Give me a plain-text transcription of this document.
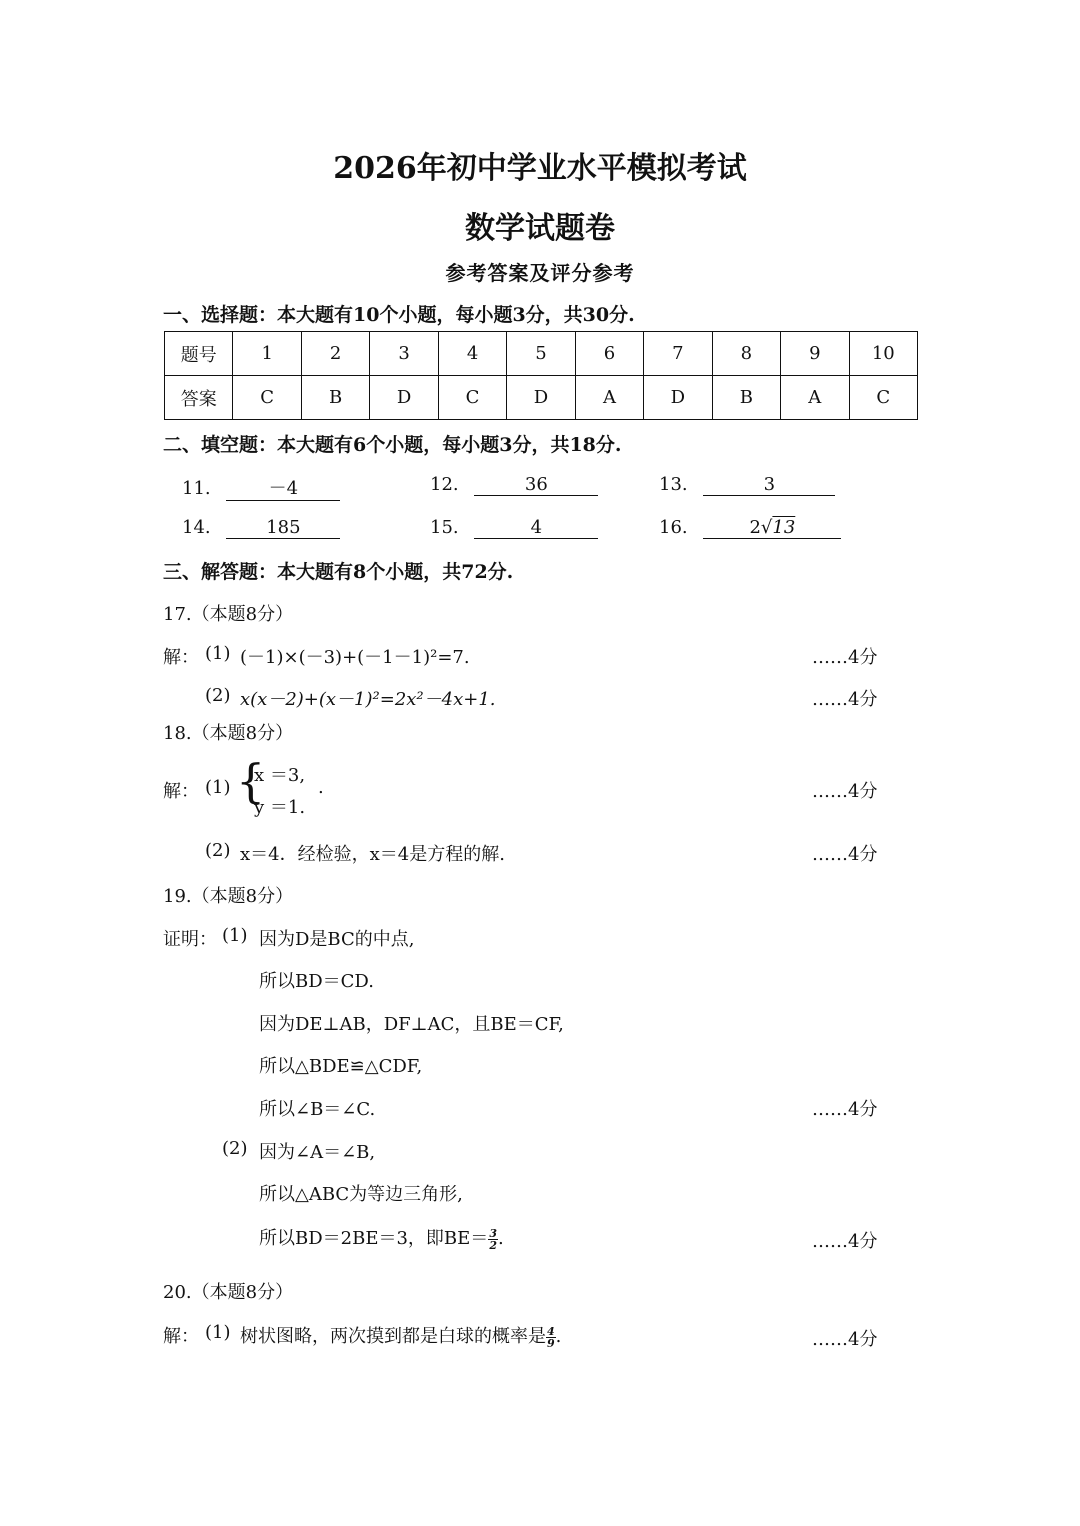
2026年初中学业水平模拟考试
数学试题卷
参考答案及评分参考
一、选择题：本大题有10个小题，每小题3分，共30分.
题号	1	2	3	4	5	6	7	8	9	10
答案	C	B	D	C	D	A	D	B	A	C
二、填空题：本大题有6个小题，每小题3分，共18分.
11.	－4	12.	36	13.	3
14.	185	15.	4	16.	2√13
三、解答题：本大题有8个小题，共72分.
17.（本题8分）
解： (1) (－1)×(－3)+(－1－1)²=7.	……4分
(2) x(x－2)+(x－1)²=2x²－4x+1.	……4分
18.（本题8分）
解： (1) {
x ＝3,
y ＝1.
.	……4分
(2) x＝4．经检验，x＝4是方程的解.	……4分
19.（本题8分）
证明： (1) 因为D是BC的中点,
所以BD＝CD.
因为DE⊥AB，DF⊥AC，且BE＝CF,
所以△BDE≌△CDF,
所以∠B＝∠C.	……4分
(2) 因为∠A＝∠B,
所以△ABC为等边三角形,
所以BD＝2BE＝3，即$BE= \frac{3}{2}$ .	……4分
20.（本题8分）
解： (1) 树状图略，两次摸到都是白球的概率是 $\frac{4}{9}$ .	……4分
